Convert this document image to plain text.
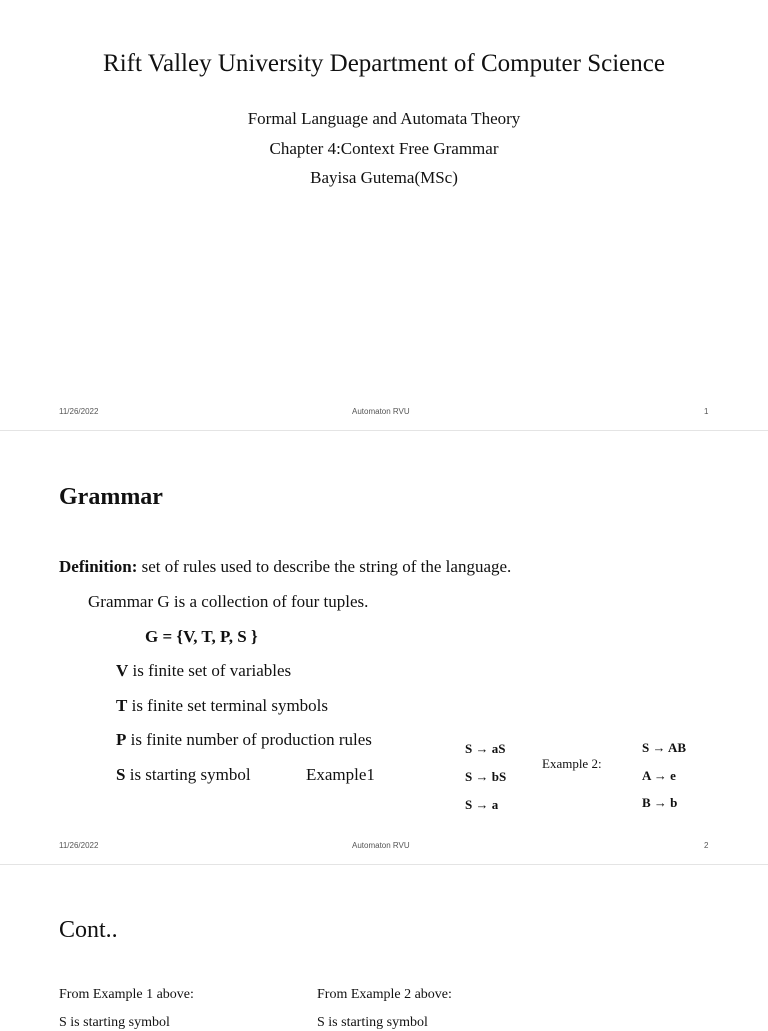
Rift Valley University Department of Computer Science
Formal Language and Automata Theory
Chapter 4:Context Free Grammar
Bayisa Gutema(MSc)
11/26/2022	Automaton RVU	1
Grammar
Definition: set of rules used to describe the string of the language.
Grammar G is a collection of four tuples.
G = {V, T, P, S }
V is finite set of variables
T is finite set terminal symbols
P is finite number of production rules
S is starting symbol	Example1
S → aS
S → bS
S → a
Example 2:
S → AB
A → e
B → b
11/26/2022	Automaton RVU	2
Cont..
From Example 1 above:
S is starting symbol
From Example 2 above:
S is starting symbol
